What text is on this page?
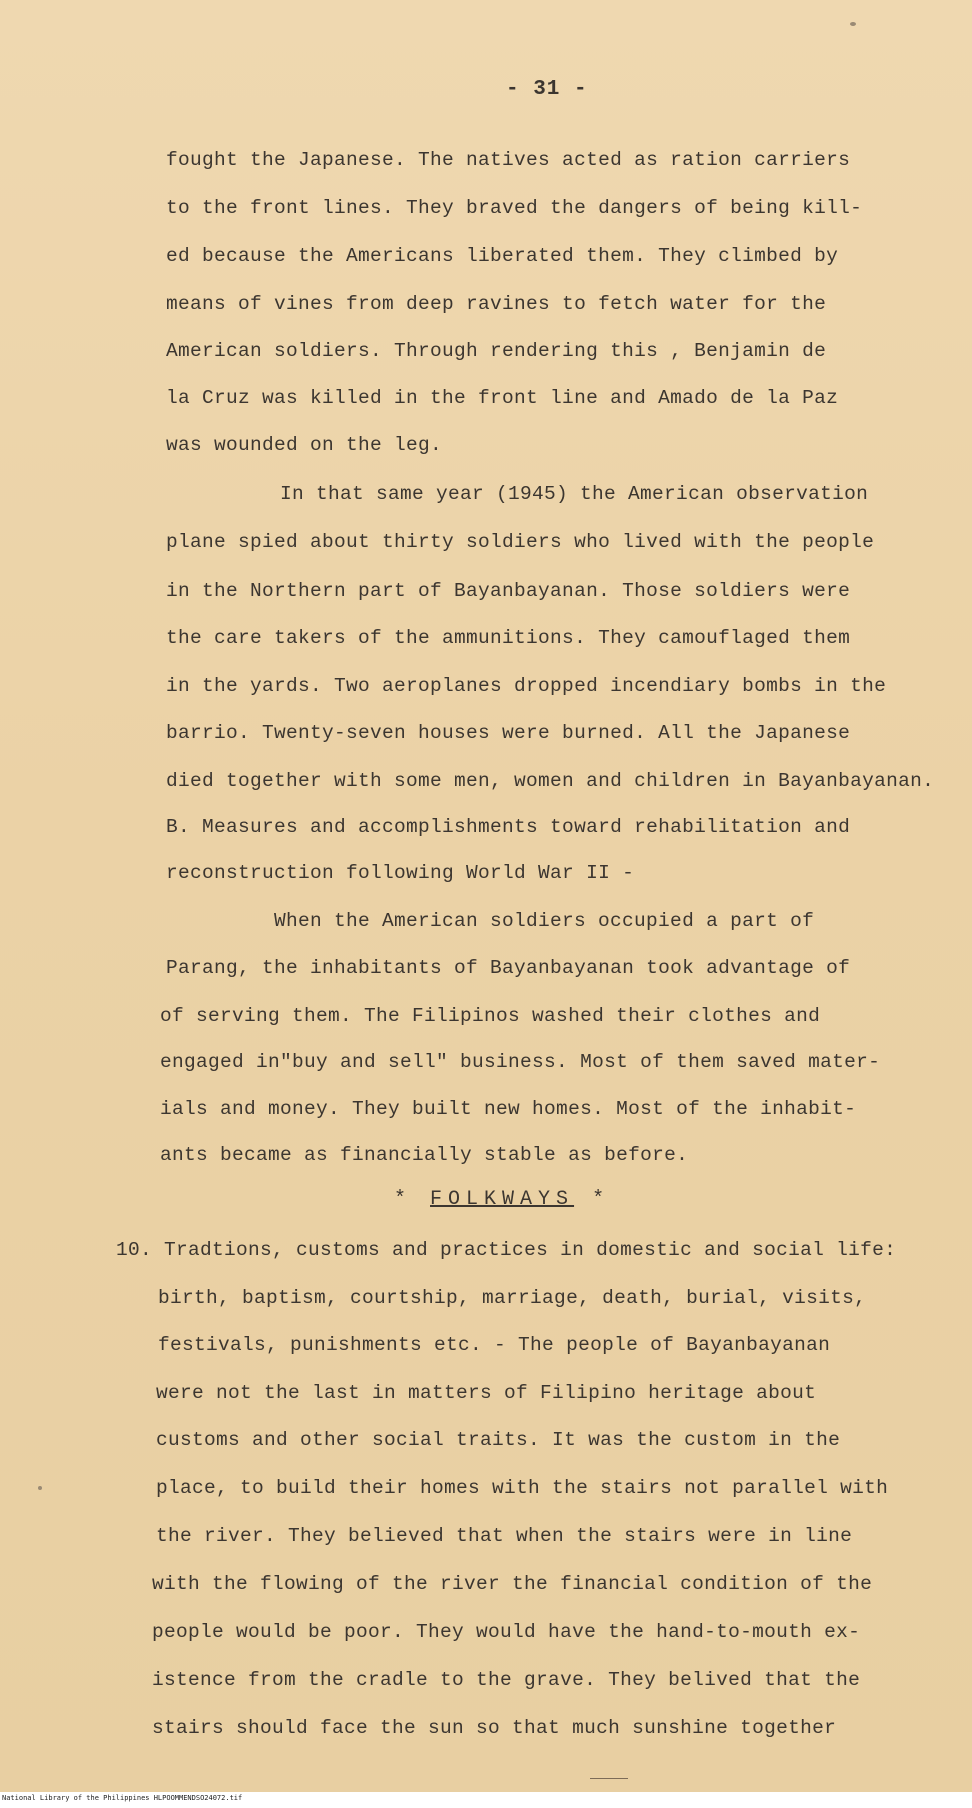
- 31 -
fought the Japanese. The natives acted as ration carriers
to the front lines. They braved the dangers of being kill-
ed because the Americans liberated them. They climbed by
means of vines from deep ravines to fetch water for the
American soldiers. Through rendering this , Benjamin de
la Cruz was killed in the front line and Amado de la Paz
was wounded on the leg.
In that same year (1945) the American observation
plane spied about thirty soldiers who lived with the people
in the Northern part of Bayanbayanan. Those soldiers were
the care takers of the ammunitions. They camouflaged them
in the yards. Two aeroplanes dropped incendiary bombs in the
barrio. Twenty-seven houses were burned. All the Japanese
died together with some men, women and children in Bayanbayanan.
B. Measures and accomplishments toward rehabilitation and
reconstruction following World War II -
When the American soldiers occupied a part of
Parang, the inhabitants of Bayanbayanan took advantage of
of serving them. The Filipinos washed their clothes and
engaged in"buy and sell" business. Most of them saved mater-
ials and money. They built new homes. Most of the inhabit-
ants became as financially stable as before.
* FOLKWAYS *
10. Tradtions, customs and practices in domestic and social life:
birth, baptism, courtship, marriage, death, burial, visits,
festivals, punishments etc. - The people of Bayanbayanan
were not the last in matters of Filipino heritage about
customs and other social traits. It was the custom in the
place, to build their homes with the stairs not parallel with
the river. They believed that when the stairs were in line
with the flowing of the river the financial condition of the
people would be poor. They would have the hand-to-mouth ex-
istence from the cradle to the grave. They belived that the
stairs should face the sun so that much sunshine together
National Library of the Philippines HLPOOMMENDSO24072.tif
